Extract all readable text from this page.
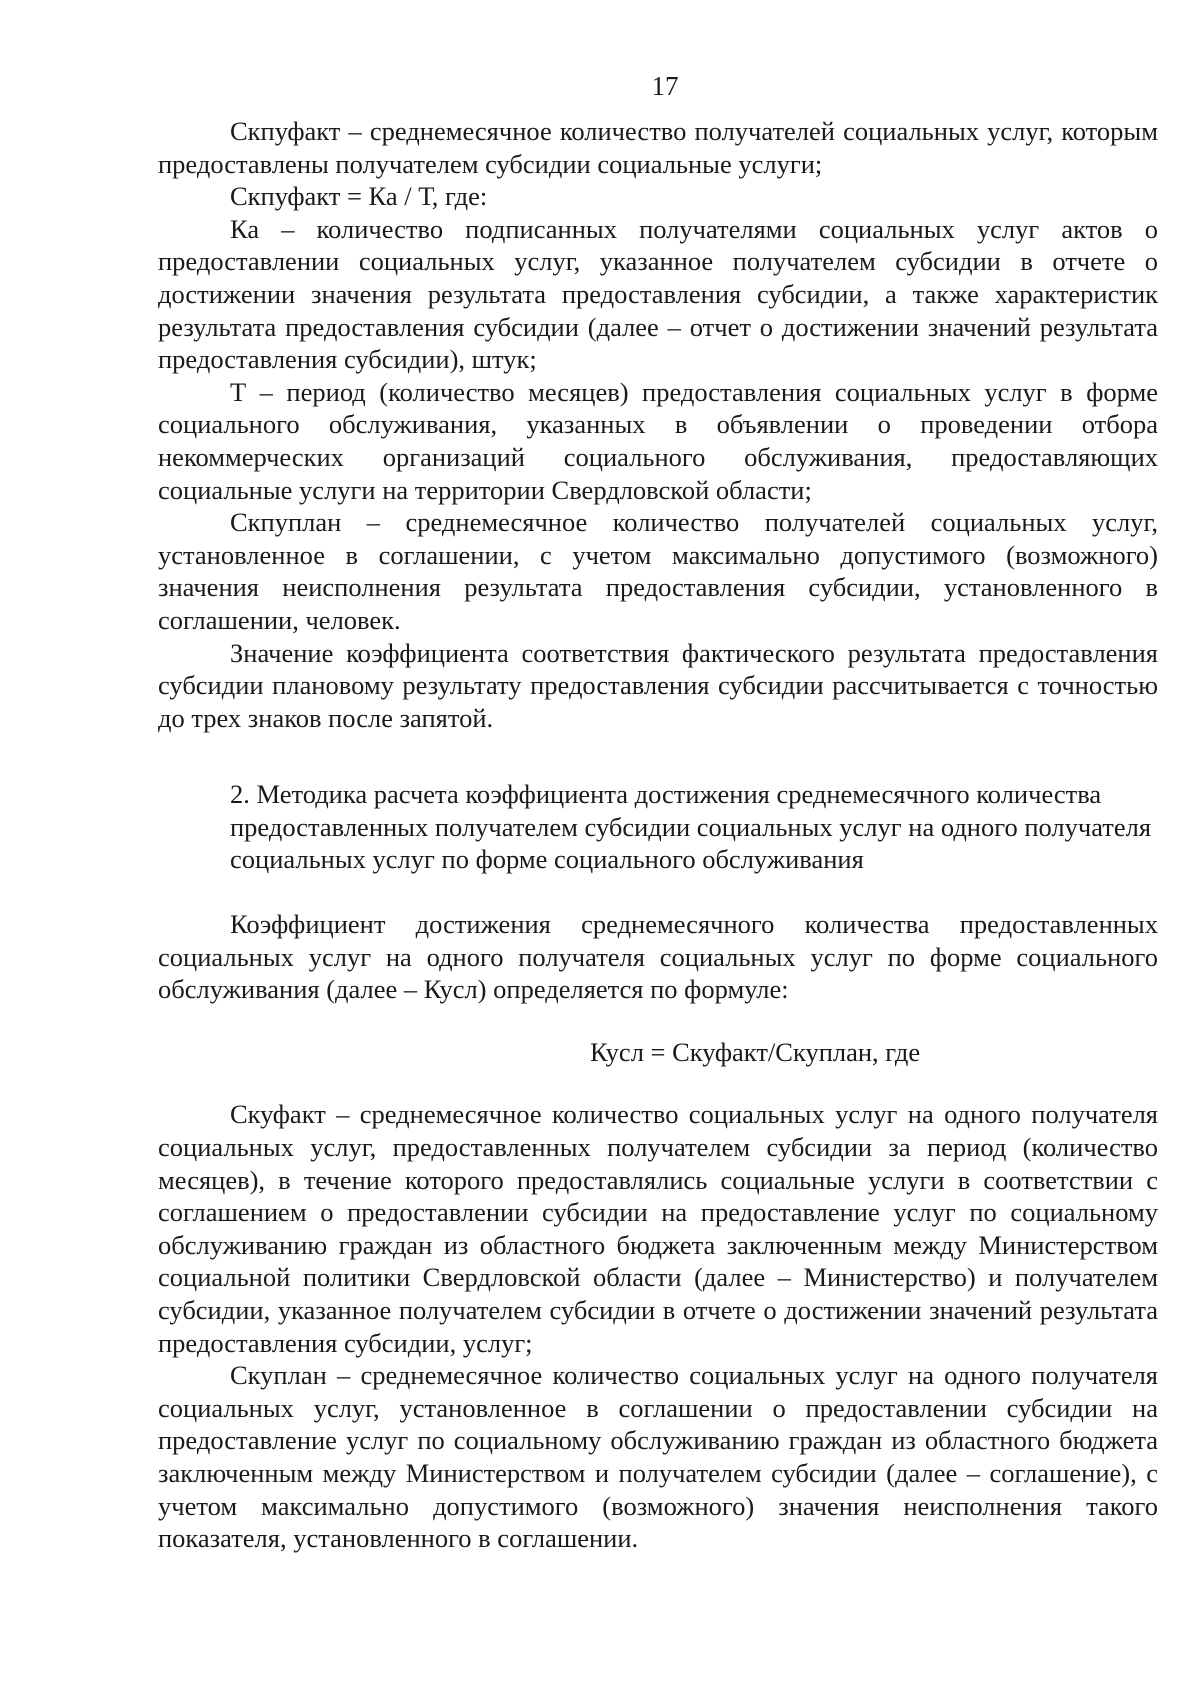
17

Скпуфакт – среднемесячное количество получателей социальных услуг, которым предоставлены получателем субсидии социальные услуги;

Скпуфакт = Ка / Т, где:

Ка – количество подписанных получателями социальных услуг актов о предоставлении социальных услуг, указанное получателем субсидии в отчете о достижении значения результата предоставления субсидии, а также характеристик результата предоставления субсидии (далее – отчет о достижении значений результата предоставления субсидии), штук;

Т – период (количество месяцев) предоставления социальных услуг в форме социального обслуживания, указанных в объявлении о проведении отбора некоммерческих организаций социального обслуживания, предоставляющих социальные услуги на территории Свердловской области;

Скпуплан – среднемесячное количество получателей социальных услуг, установленное в соглашении, с учетом максимально допустимого (возможного) значения неисполнения результата предоставления субсидии, установленного в соглашении, человек.

Значение коэффициента соответствия фактического результата предоставления субсидии плановому результату предоставления субсидии рассчитывается с точностью до трех знаков после запятой.

2. Методика расчета коэффициента достижения среднемесячного количества

предоставленных получателем субсидии социальных услуг на одного получателя

социальных услуг по форме социального обслуживания

Коэффициент достижения среднемесячного количества предоставленных социальных услуг на одного получателя социальных услуг по форме социального обслуживания (далее – Кусл) определяется по формуле:

Кусл = Скуфакт/Скуплан, где

Скуфакт – среднемесячное количество социальных услуг на одного получателя социальных услуг, предоставленных получателем субсидии за период (количество месяцев), в течение которого предоставлялись социальные услуги в соответствии с соглашением о предоставлении субсидии на предоставление услуг по социальному обслуживанию граждан из областного бюджета заключенным между Министерством социальной политики Свердловской области (далее – Министерство) и получателем субсидии, указанное получателем субсидии в отчете о достижении значений результата предоставления субсидии, услуг;

Скуплан – среднемесячное количество социальных услуг на одного получателя социальных услуг, установленное в соглашении о предоставлении субсидии на предоставление услуг по социальному обслуживанию граждан из областного бюджета заключенным между Министерством и получателем субсидии (далее – соглашение), с учетом максимально допустимого (возможного) значения неисполнения такого показателя, установленного в соглашении.
